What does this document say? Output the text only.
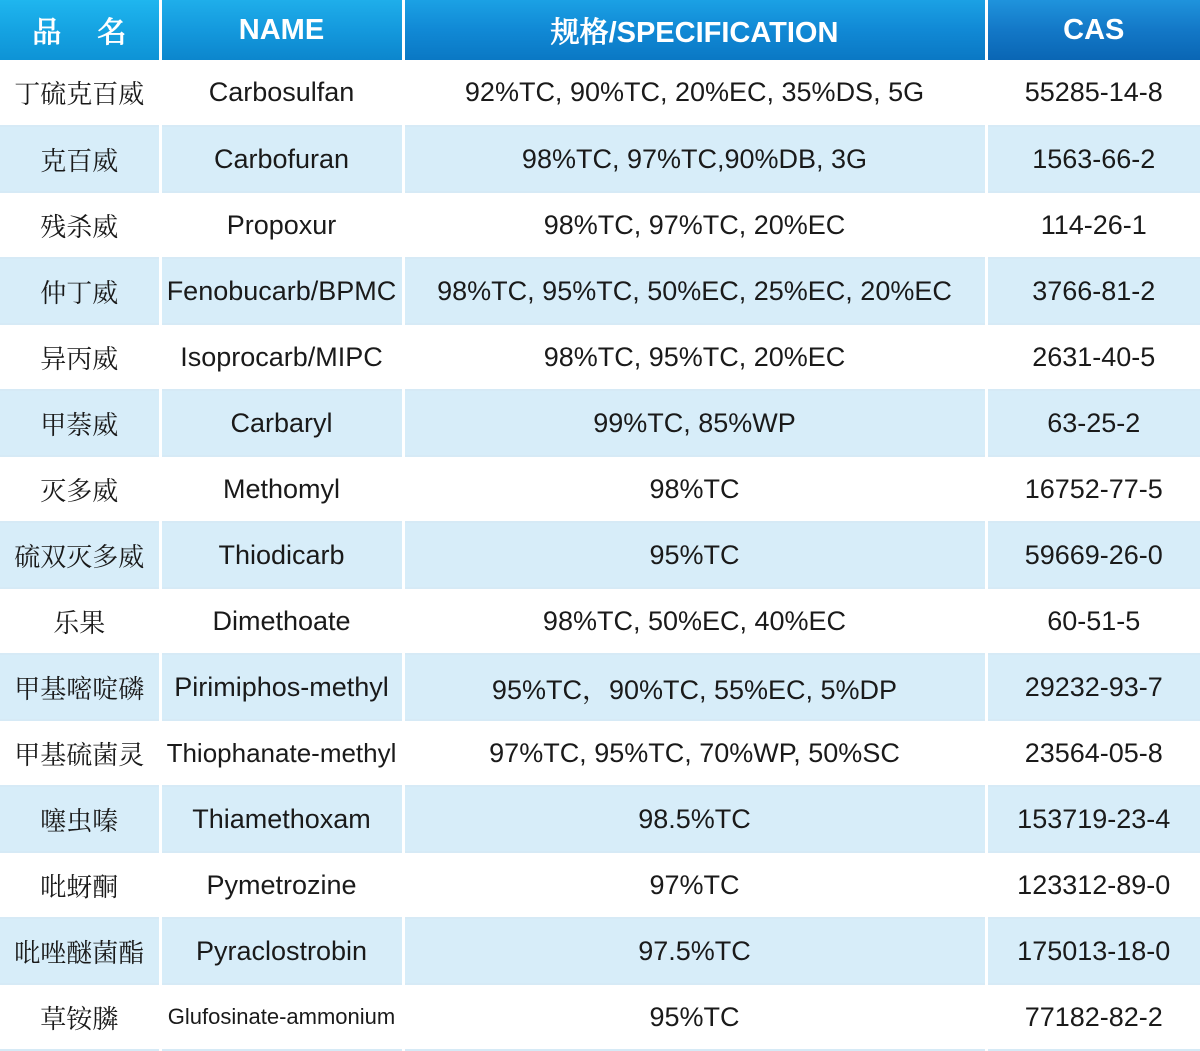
品 名	NAME	规格/SPECIFICATION	CAS
丁硫克百威	Carbosulfan	92%TC, 90%TC, 20%EC, 35%DS, 5G	55285-14-8
克百威	Carbofuran	98%TC, 97%TC,90%DB, 3G	1563-66-2
残杀威	Propoxur	98%TC, 97%TC, 20%EC	114-26-1
仲丁威	Fenobucarb/BPMC	98%TC, 95%TC, 50%EC, 25%EC, 20%EC	3766-81-2
异丙威	Isoprocarb/MIPC	98%TC, 95%TC, 20%EC	2631-40-5
甲萘威	Carbaryl	99%TC, 85%WP	63-25-2
灭多威	Methomyl	98%TC	16752-77-5
硫双灭多威	Thiodicarb	95%TC	59669-26-0
乐果	Dimethoate	98%TC, 50%EC, 40%EC	60-51-5
甲基嘧啶磷	Pirimiphos-methyl	95%TC，90%TC, 55%EC, 5%DP	29232-93-7
甲基硫菌灵	Thiophanate-methyl	97%TC, 95%TC, 70%WP, 50%SC	23564-05-8
噻虫嗪	Thiamethoxam	98.5%TC	153719-23-4
吡蚜酮	Pymetrozine	97%TC	123312-89-0
吡唑醚菌酯	Pyraclostrobin	97.5%TC	175013-18-0
草铵膦	Glufosinate-ammonium	95%TC	77182-82-2
